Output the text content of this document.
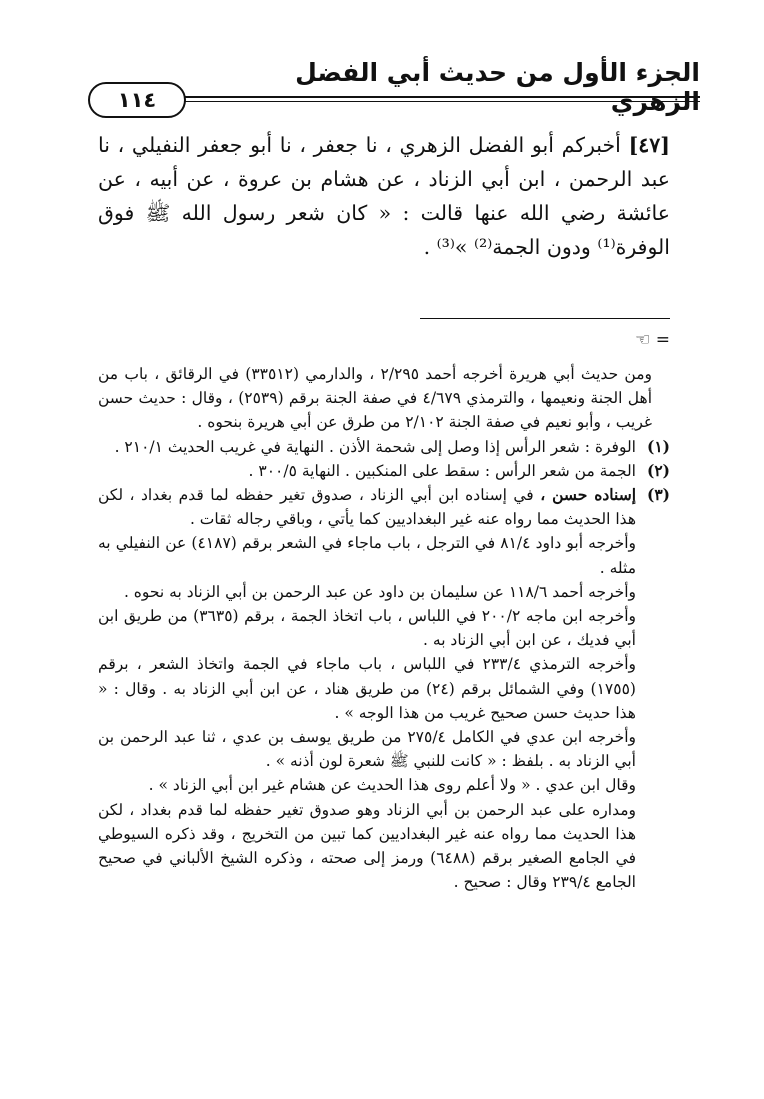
الجزء الأول من حديث أبي الفضل
١١٤
[٤٧] أخبركم أبو الفضل الزهري ، نا جعفر ، نا أبو جعفر النفيلي ، نا عبد الرحمن ، ابن أبي الزناد ، عن هشام بن عروة ، عن أبيه ، عن عائشة رضي الله عنها قالت : « كان شعر رسول الله ﷺ فوق الوفرة⁽¹⁾ ودون الجمة⁽²⁾ »⁽³⁾ .
= ☜

ومن حديث أبي هريرة أخرجه أحمد ٢/٢٩٥ ، والدارمي (٣٣٥١٢) في الرقائق ، باب من أهل الجنة ونعيمها ، والترمذي ٤/٦٧٩ في صفة الجنة برقم (٢٥٣٩) ، وقال : حديث حسن غريب ، وأبو نعيم في صفة الجنة ٢/١٠٢ من طرق عن أبي هريرة بنحوه .

(١)
الوفرة : شعر الرأس إذا وصل إلى شحمة الأذن . النهاية في غريب الحديث ٢١٠/١ .
(٢)
الجمة من شعر الرأس : سقط على المنكبين . النهاية ٣٠٠/٥ .
(٣)
إسناده حسن ، في إسناده ابن أبي الزناد ، صدوق تغير حفظه لما قدم بغداد ، لكن هذا الحديث مما رواه عنه غير البغداديين كما يأتي ، وباقي رجاله ثقات .

وأخرجه أبو داود ٨١/٤ في الترجل ، باب ماجاء في الشعر برقم (٤١٨٧) عن النفيلي به مثله .

وأخرجه أحمد ١١٨/٦ عن سليمان بن داود عن عبد الرحمن بن أبي الزناد به نحوه .

وأخرجه ابن ماجه ٢٠٠/٢ في اللباس ، باب اتخاذ الجمة ، برقم (٣٦٣٥) من طريق ابن أبي فديك ، عن ابن أبي الزناد به .

وأخرجه الترمذي ٢٣٣/٤ في اللباس ، باب ماجاء في الجمة واتخاذ الشعر ، برقم (١٧٥٥) وفي الشمائل برقم (٢٤) من طريق هناد ، عن ابن أبي الزناد به . وقال : « هذا حديث حسن صحيح غريب من هذا الوجه » .

وأخرجه ابن عدي في الكامل ٢٧٥/٤ من طريق يوسف بن عدي ، ثنا عبد الرحمن بن أبي الزناد به . بلفظ : « كانت للنبي ﷺ شعرة لون أذنه » .

وقال ابن عدي . « ولا أعلم روى هذا الحديث عن هشام غير ابن أبي الزناد » .

ومداره على عبد الرحمن بن أبي الزناد وهو صدوق تغير حفظه لما قدم بغداد ، لكن هذا الحديث مما رواه عنه غير البغداديين كما تبين من التخريج ، وقد ذكره السيوطي في الجامع الصغير برقم (٦٤٨٨) ورمز إلى صحته ، وذكره الشيخ الألباني في صحيح الجامع ٢٣٩/٤ وقال : صحيح .
